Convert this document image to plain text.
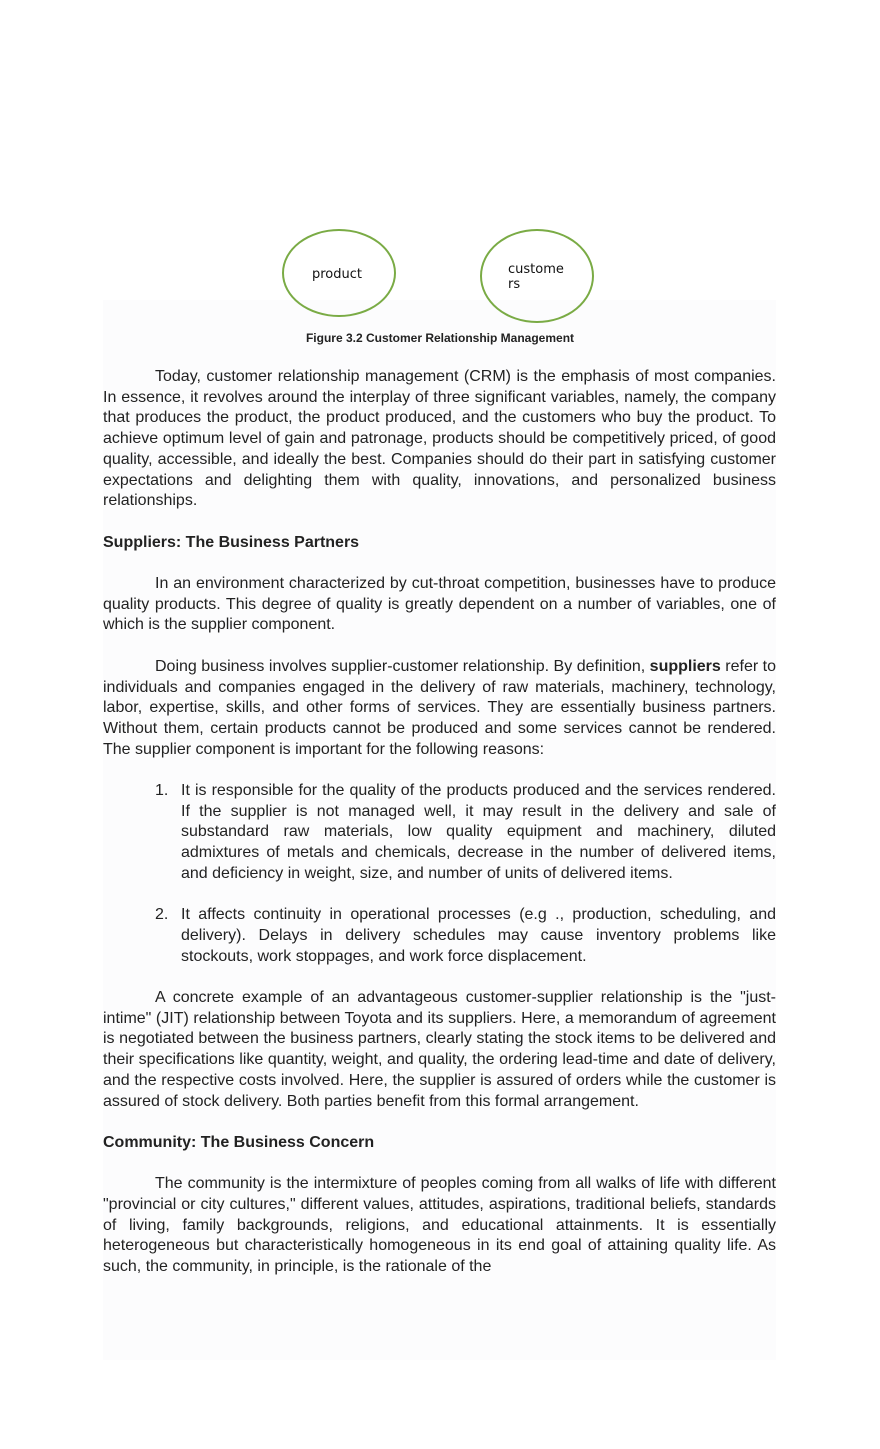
product	customers
Figure 3.2 Customer Relationship Management

Today, customer relationship management (CRM) is the emphasis of most companies. In essence, it revolves around the interplay of three significant variables, namely, the company that produces the product, the product produced, and the customers who buy the product. To achieve optimum level of gain and patronage, products should be competitively priced, of good quality, accessible, and ideally the best. Companies should do their part in satisfying customer expectations and delighting them with quality, innovations, and personalized business relationships.

Suppliers: The Business Partners

In an environment characterized by cut-throat competition, businesses have to produce quality products. This degree of quality is greatly dependent on a number of variables, one of which is the supplier component.

Doing business involves supplier-customer relationship. By definition, suppliers refer to individuals and companies engaged in the delivery of raw materials, machinery, technology, labor, expertise, skills, and other forms of services. They are essentially business partners. Without them, certain products cannot be produced and some services cannot be rendered. The supplier component is important for the following reasons:

1. It is responsible for the quality of the products produced and the services rendered. If the supplier is not managed well, it may result in the delivery and sale of substandard raw materials, low quality equipment and machinery, diluted admixtures of metals and chemicals, decrease in the number of delivered items, and deficiency in weight, size, and number of units of delivered items.
2. It affects continuity in operational processes (e.g ., production, scheduling, and delivery). Delays in delivery schedules may cause inventory problems like stockouts, work stoppages, and work force displacement.

A concrete example of an advantageous customer-supplier relationship is the "just-intime" (JIT) relationship between Toyota and its suppliers. Here, a memorandum of agreement is negotiated between the business partners, clearly stating the stock items to be delivered and their specifications like quantity, weight, and quality, the ordering lead-time and date of delivery, and the respective costs involved. Here, the supplier is assured of orders while the customer is assured of stock delivery. Both parties benefit from this formal arrangement.

Community: The Business Concern

The community is the intermixture of peoples coming from all walks of life with different "provincial or city cultures," different values, attitudes, aspirations, traditional beliefs, standards of living, family backgrounds, religions, and educational attainments. It is essentially heterogeneous but characteristically homogeneous in its end goal of attaining quality life. As such, the community, in principle, is the rationale of the
